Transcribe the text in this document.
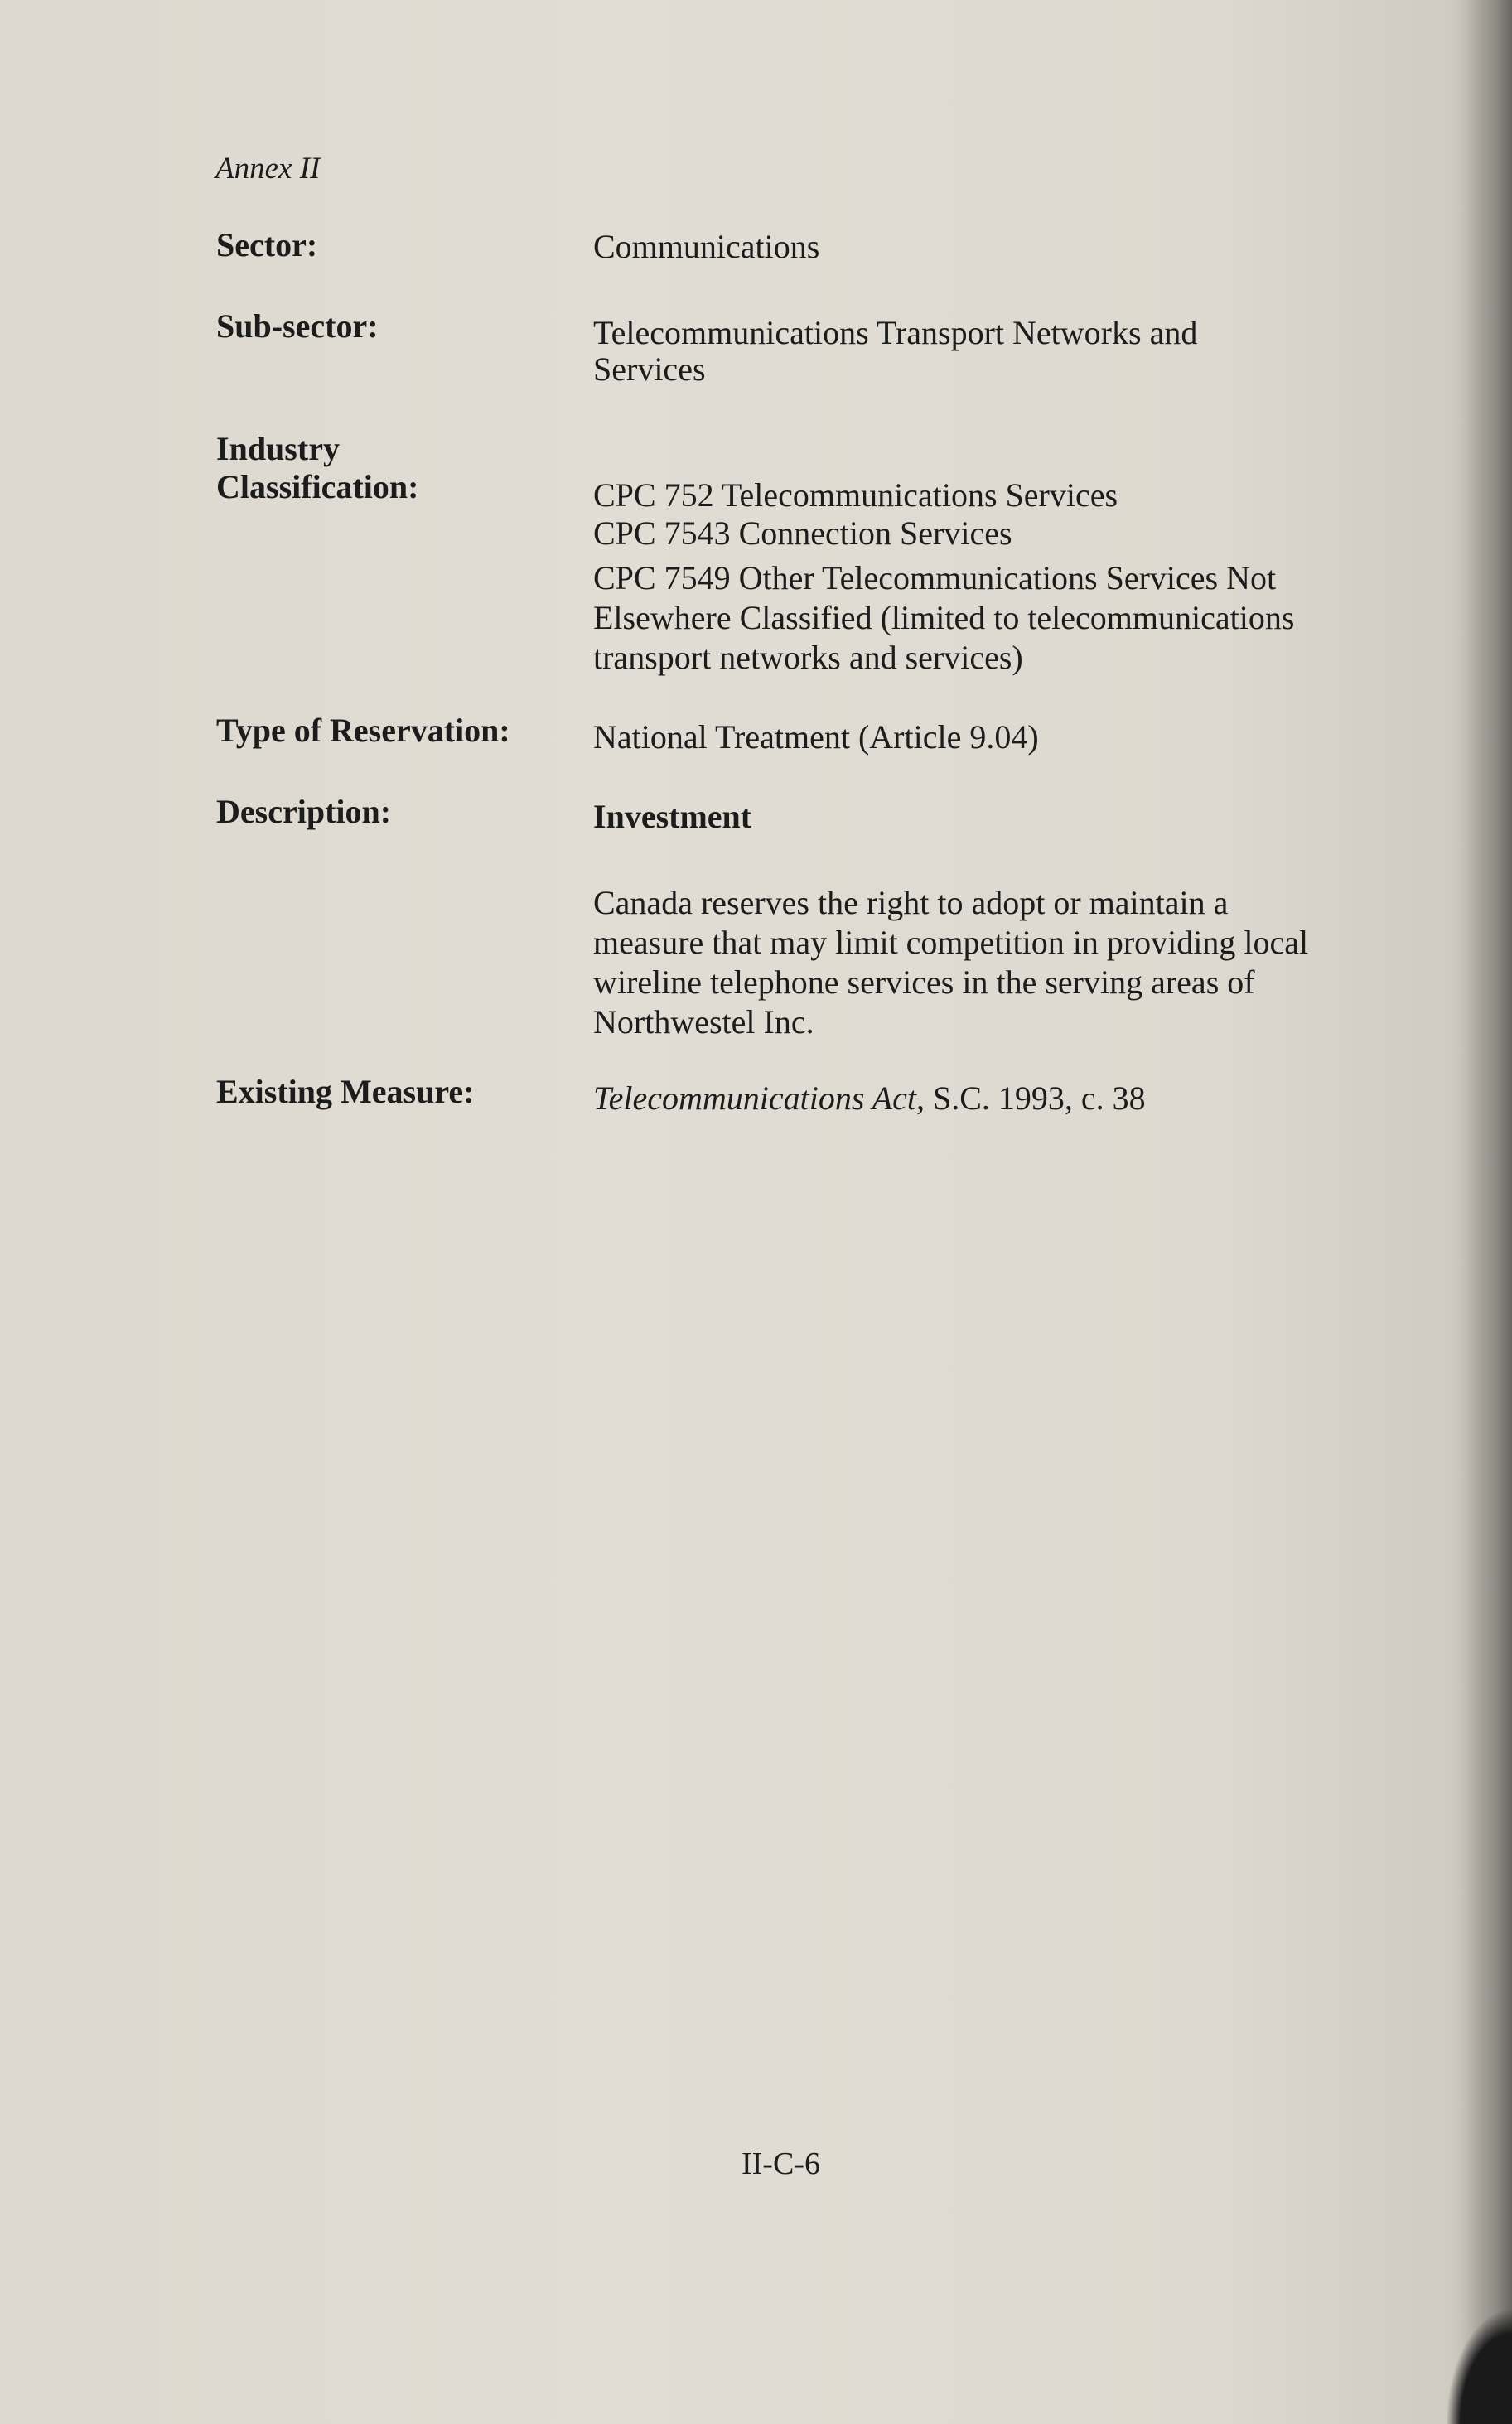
Annex II
Sector:	Communications
Sub-sector:	Telecommunications Transport Networks and
Services
Industry
Classification:	CPC 752 Telecommunications Services
CPC 7543 Connection Services
CPC 7549 Other Telecommunications Services Not
Elsewhere Classified (limited to telecommunications
transport networks and services)
Type of Reservation:	National Treatment (Article 9.04)
Description:	Investment
Canada reserves the right to adopt or maintain a
measure that may limit competition in providing local
wireline telephone services in the serving areas of
Northwestel Inc.
Existing Measure:	Telecommunications Act, S.C. 1993, c. 38
II-C-6
